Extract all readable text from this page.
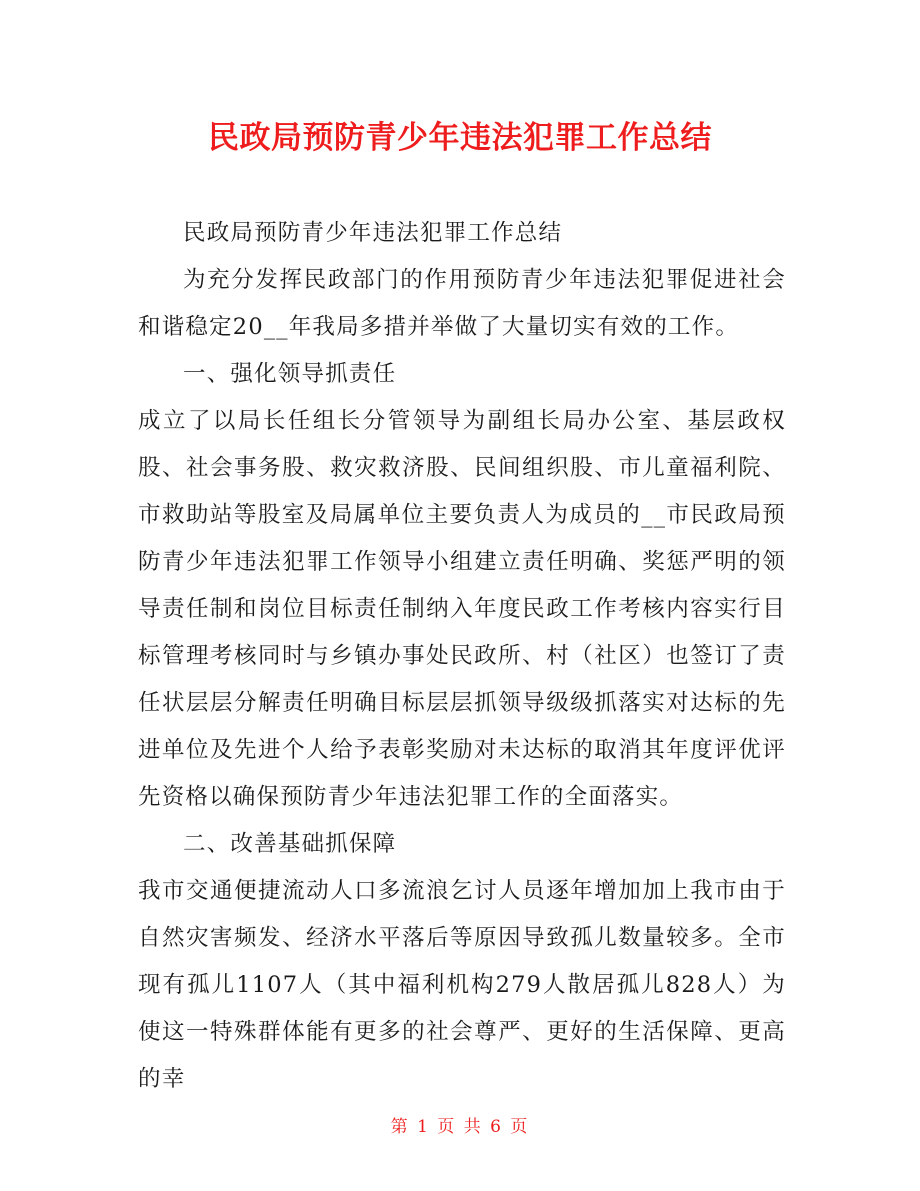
民政局预防青少年违法犯罪工作总结

民政局预防青少年违法犯罪工作总结

为充分发挥民政部门的作用预防青少年违法犯罪促进社会和谐稳定20__年我局多措并举做了大量切实有效的工作。

一、强化领导抓责任

成立了以局长任组长分管领导为副组长局办公室、基层政权股、社会事务股、救灾救济股、民间组织股、市儿童福利院、市救助站等股室及局属单位主要负责人为成员的__市民政局预防青少年违法犯罪工作领导小组建立责任明确、奖惩严明的领导责任制和岗位目标责任制纳入年度民政工作考核内容实行目标管理考核同时与乡镇办事处民政所、村（社区）也签订了责任状层层分解责任明确目标层层抓领导级级抓落实对达标的先进单位及先进个人给予表彰奖励对未达标的取消其年度评优评先资格以确保预防青少年违法犯罪工作的全面落实。

二、改善基础抓保障

我市交通便捷流动人口多流浪乞讨人员逐年增加加上我市由于自然灾害频发、经济水平落后等原因导致孤儿数量较多。全市现有孤儿1107人（其中福利机构279人散居孤儿828人）为使这一特殊群体能有更多的社会尊严、更好的生活保障、更高的幸

第 1 页 共 6 页
